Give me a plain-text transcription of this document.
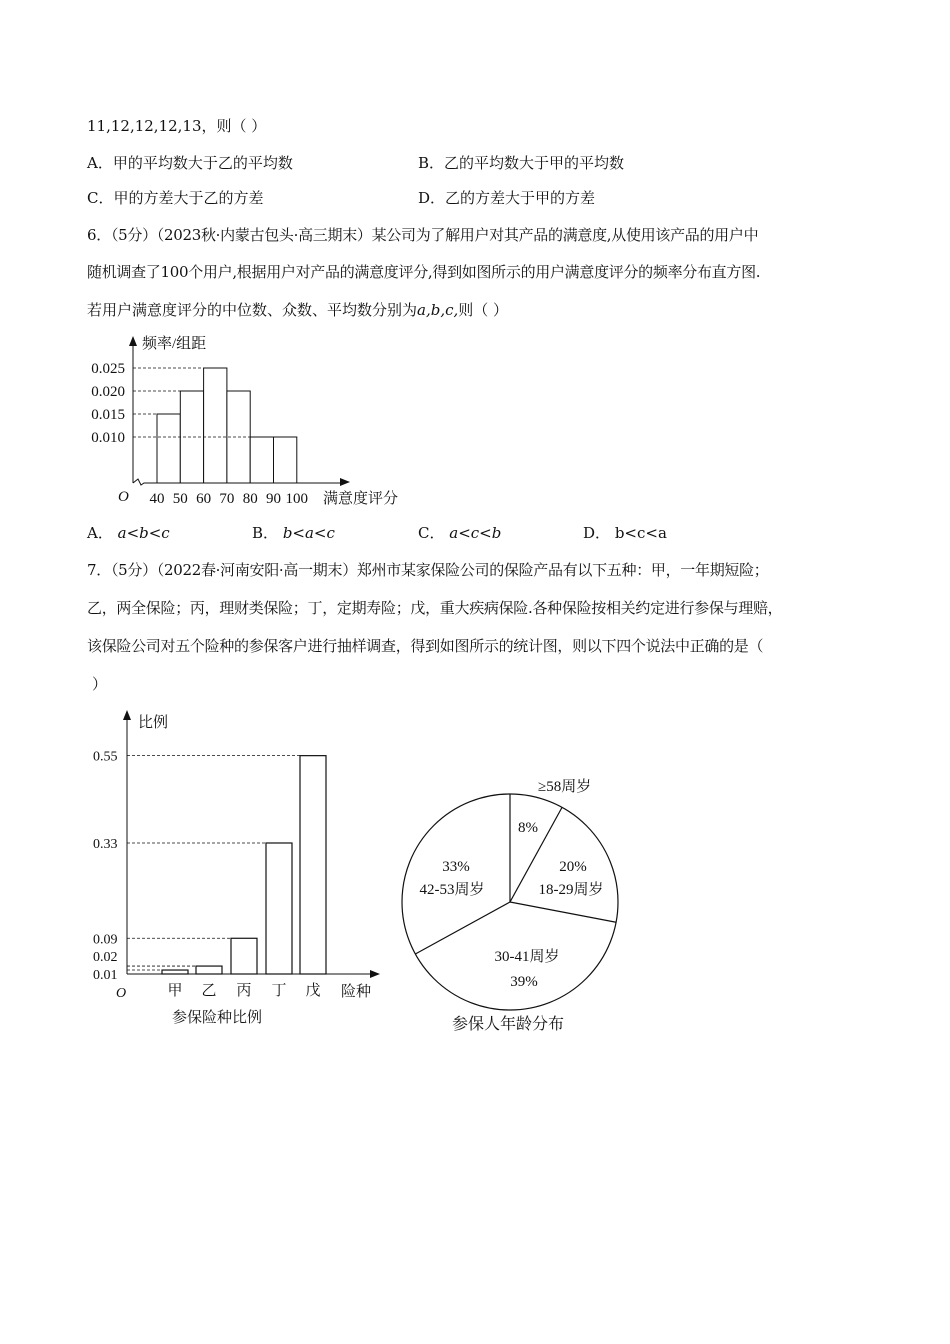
11,12,12,12,13，则（ ）
A．甲的平均数大于乙的平均数	B．乙的平均数大于甲的平均数
C．甲的方差大于乙的方差	D．乙的方差大于甲的方差
6．（5分）（2023秋·内蒙古包头·高三期末）某公司为了解用户对其产品的满意度,从使用该产品的用户中
随机调查了100个用户,根据用户对产品的满意度评分,得到如图所示的用户满意度评分的频率分布直方图.
若用户满意度评分的中位数、众数、平均数分别为a,b,c,则（ ）
A． a<b<c	B． b<a<c	C． a<c<b	D． b<c<a
7．（5分）（2022春·河南安阳·高一期末）郑州市某家保险公司的保险产品有以下五种：甲，一年期短险；
乙，两全保险；丙，理财类保险；丁，定期寿险；戊，重大疾病保险.各种保险按相关约定进行参保与理赔，
该保险公司对五个险种的参保客户进行抽样调查，得到如图所示的统计图，则以下四个说法中正确的是（
）
0.010
0.015
0.020
0.025
40 50 60 70 80 90 100
O
频率/组距
满意度评分
甲 乙 丙 丁 戊
0.01
0.02
0.09
0.33
0.55
O
比例
险种
参保险种比例
8%
≥58周岁
20%
18-29周岁
30-41周岁
39%
33%
42-53周岁
参保人年龄分布
